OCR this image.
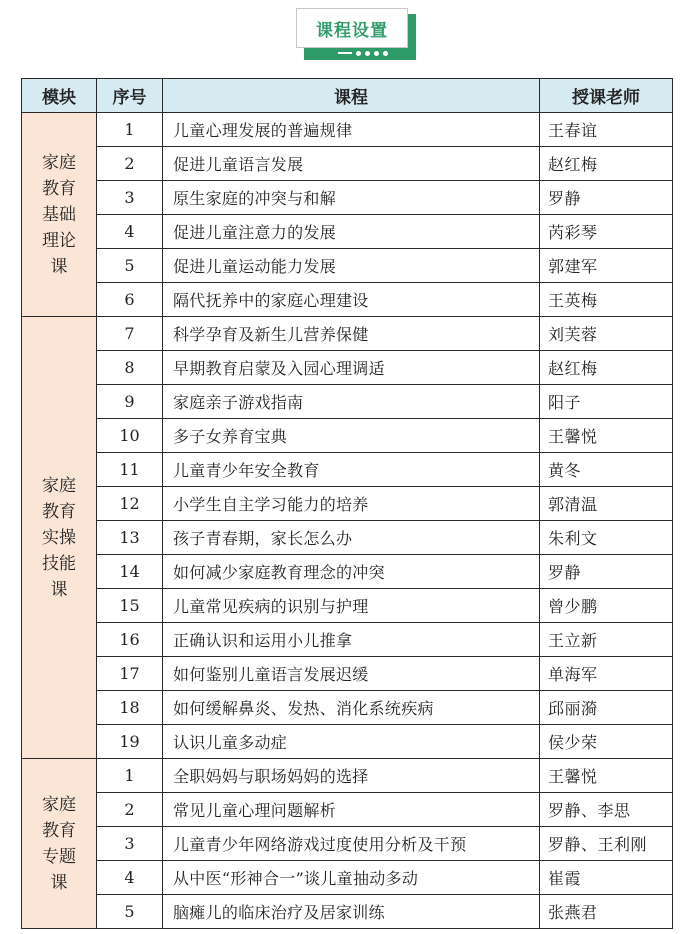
课程设置
模块	序号	课程	授课老师
家庭教育基础理论课	1	儿童心理发展的普遍规律	王春谊
	2	促进儿童语言发展	赵红梅
	3	原生家庭的冲突与和解	罗静
	4	促进儿童注意力的发展	芮彩琴
	5	促进儿童运动能力发展	郭建军
	6	隔代抚养中的家庭心理建设	王英梅
家庭教育实操技能课	7	科学孕育及新生儿营养保健	刘芙蓉
	8	早期教育启蒙及入园心理调适	赵红梅
	9	家庭亲子游戏指南	阳子
	10	多子女养育宝典	王馨悦
	11	儿童青少年安全教育	黄冬
	12	小学生自主学习能力的培养	郭清温
	13	孩子青春期，家长怎么办	朱利文
	14	如何减少家庭教育理念的冲突	罗静
	15	儿童常见疾病的识别与护理	曾少鹏
	16	正确认识和运用小儿推拿	王立新
	17	如何鉴别儿童语言发展迟缓	单海军
	18	如何缓解鼻炎、发热、消化系统疾病	邱丽漪
	19	认识儿童多动症	侯少荣
家庭教育专题课	1	全职妈妈与职场妈妈的选择	王馨悦
	2	常见儿童心理问题解析	罗静、李思
	3	儿童青少年网络游戏过度使用分析及干预	罗静、王利刚
	4	从中医“形神合一”谈儿童抽动多动	崔霞
	5	脑瘫儿的临床治疗及居家训练	张燕君
